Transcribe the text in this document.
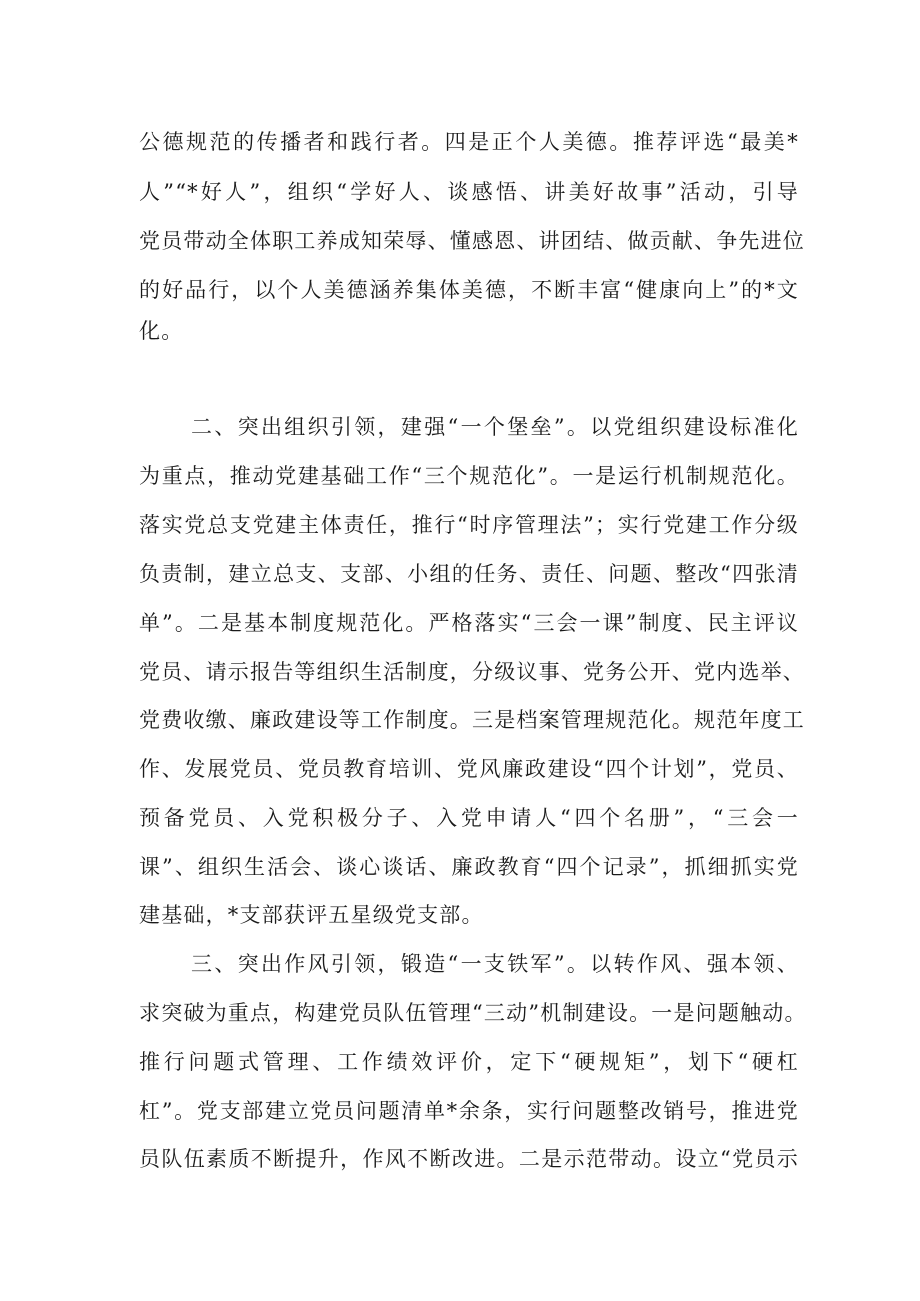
公德规范的传播者和践行者。四是正个人美德。推荐评选“最美*
人”“*好人”，组织“学好人、谈感悟、讲美好故事”活动，引导
党员带动全体职工养成知荣辱、懂感恩、讲团结、做贡献、争先进位
的好品行，以个人美德涵养集体美德，不断丰富“健康向上”的*文
化。
二、突出组织引领，建强“一个堡垒”。以党组织建设标准化
为重点，推动党建基础工作“三个规范化”。一是运行机制规范化。
落实党总支党建主体责任，推行“时序管理法”；实行党建工作分级
负责制，建立总支、支部、小组的任务、责任、问题、整改“四张清
单”。二是基本制度规范化。严格落实“三会一课”制度、民主评议
党员、请示报告等组织生活制度，分级议事、党务公开、党内选举、
党费收缴、廉政建设等工作制度。三是档案管理规范化。规范年度工
作、发展党员、党员教育培训、党风廉政建设“四个计划”，党员、
预备党员、入党积极分子、入党申请人“四个名册”，“三会一
课”、组织生活会、谈心谈话、廉政教育“四个记录”，抓细抓实党
建基础，*支部获评五星级党支部。
三、突出作风引领，锻造“一支铁军”。以转作风、强本领、
求突破为重点，构建党员队伍管理“三动”机制建设。一是问题触动。
推行问题式管理、工作绩效评价，定下“硬规矩”，划下“硬杠
杠”。党支部建立党员问题清单*余条，实行问题整改销号，推进党
员队伍素质不断提升，作风不断改进。二是示范带动。设立“党员示
